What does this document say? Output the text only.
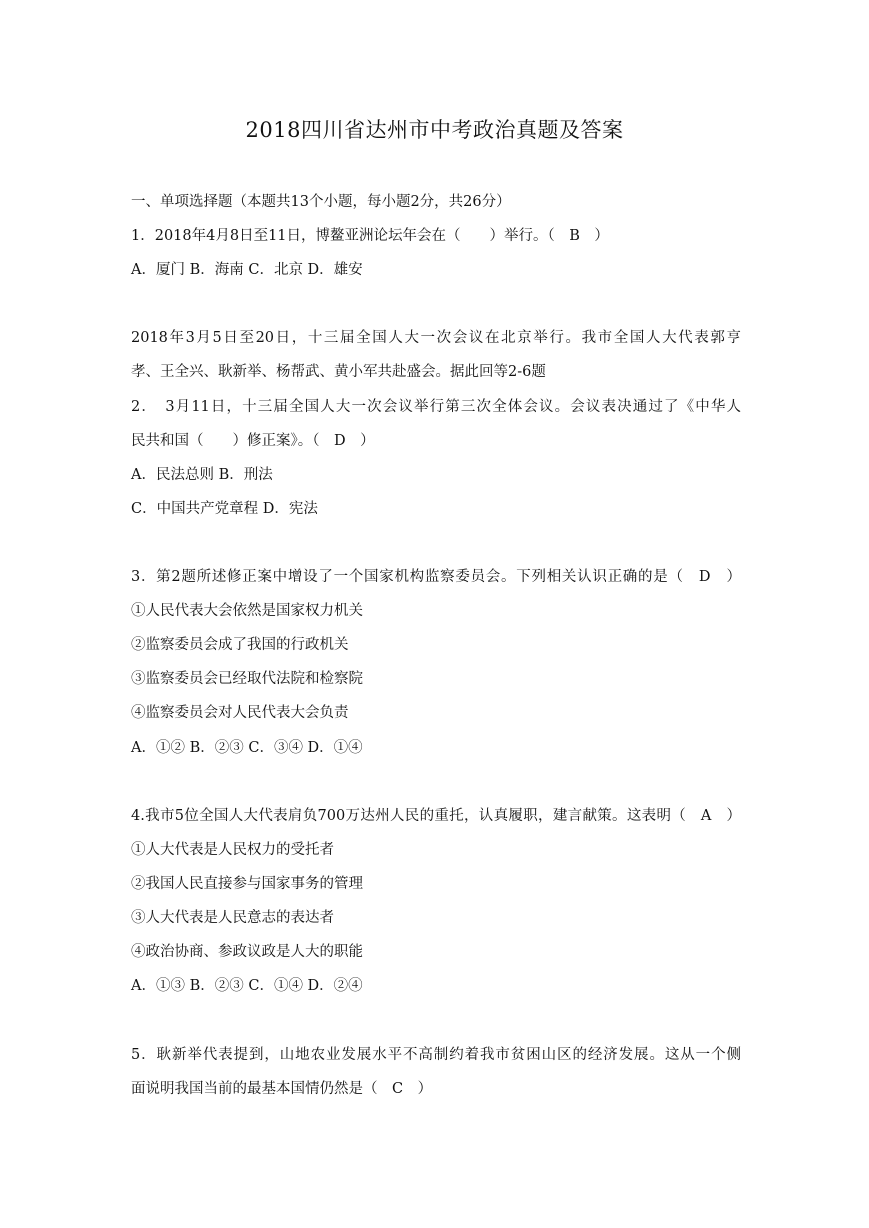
2018四川省达州市中考政治真题及答案
一、单项选择题（本题共13个小题，每小题2分，共26分）
1．2018年4月8日至11日，博鳌亚洲论坛年会在（　　）举行。（　B　）
A．厦门 B．海南 C．北京 D．雄安
2018年3月5日至20日，十三届全国人大一次会议在北京举行。我市全国人大代表郭亨
孝、王全兴、耿新举、杨帮武、黄小军共赴盛会。据此回等2-6题
2．　3月11日，十三届全国人大一次会议举行第三次全体会议。会议表决通过了《中华人
民共和国（　　）修正案》。（　D　）
A．民法总则 B．刑法
C．中国共产党章程 D．宪法
3．第2题所述修正案中增设了一个国家机构监察委员会。下列相关认识正确的是（　D　）
①人民代表大会依然是国家权力机关
②监察委员会成了我国的行政机关
③监察委员会已经取代法院和检察院
④监察委员会对人民代表大会负责
A．①② B．②③ C．③④ D．①④
4.我市5位全国人大代表肩负700万达州人民的重托，认真履职，建言献策。这表明（　A　）
①人大代表是人民权力的受托者
②我国人民直接参与国家事务的管理
③人大代表是人民意志的表达者
④政治协商、参政议政是人大的职能
A．①③ B．②③ C．①④ D．②④
5．耿新举代表提到，山地农业发展水平不高制约着我市贫困山区的经济发展。这从一个侧
面说明我国当前的最基本国情仍然是（　C　）
